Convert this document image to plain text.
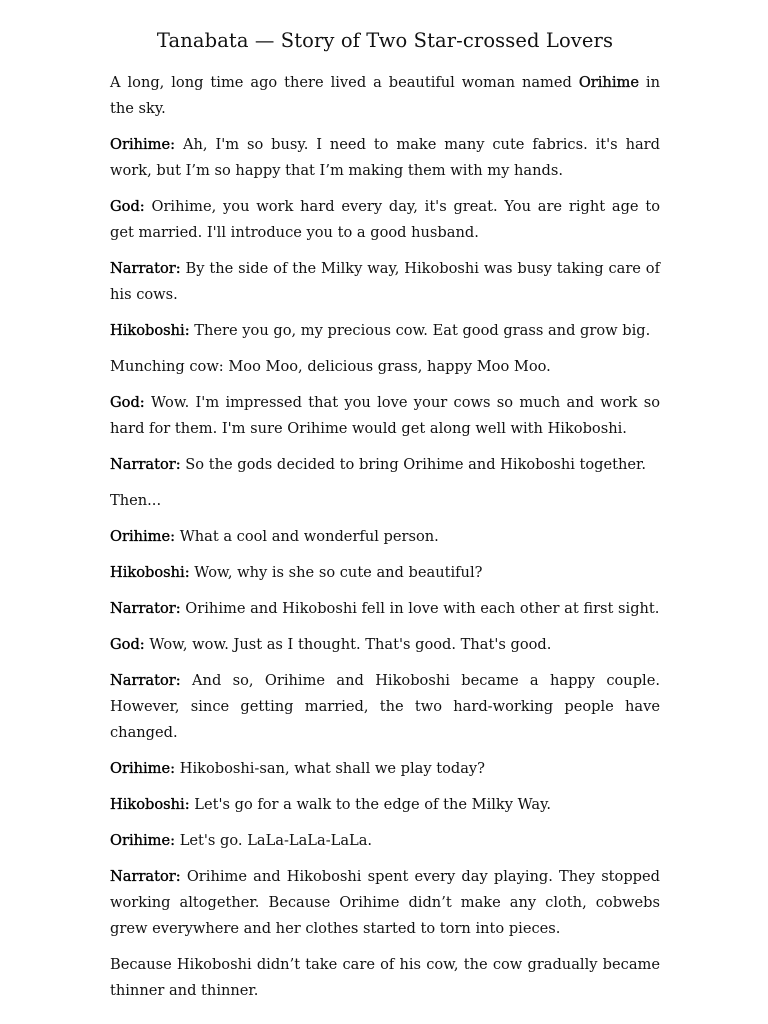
Tanabata — Story of Two Star-crossed Lovers

A long, long time ago there lived a beautiful woman named Orihime in the sky.

Orihime: Ah, I'm so busy. I need to make many cute fabrics. it's hard work, but I’m so happy that I’m making them with my hands.

God: Orihime, you work hard every day, it's great. You are right age to get married. I'll introduce you to a good husband.

Narrator: By the side of the Milky way, Hikoboshi was busy taking care of his cows.

Hikoboshi: There you go, my precious cow. Eat good grass and grow big.

Munching cow: Moo Moo, delicious grass, happy Moo Moo.

God: Wow. I'm impressed that you love your cows so much and work so hard for them. I'm sure Orihime would get along well with Hikoboshi.

Narrator: So the gods decided to bring Orihime and Hikoboshi together.

Then...

Orihime: What a cool and wonderful person.

Hikoboshi: Wow, why is she so cute and beautiful?

Narrator: Orihime and Hikoboshi fell in love with each other at first sight.

God: Wow, wow. Just as I thought. That's good. That's good.

Narrator: And so, Orihime and Hikoboshi became a happy couple. However, since getting married, the two hard-working people have changed.

Orihime: Hikoboshi-san, what shall we play today?

Hikoboshi: Let's go for a walk to the edge of the Milky Way.

Orihime: Let's go. LaLa-LaLa-LaLa.

Narrator: Orihime and Hikoboshi spent every day playing. They stopped working altogether. Because Orihime didn’t make any cloth, cobwebs grew everywhere and her clothes started to torn into pieces.

Because Hikoboshi didn’t take care of his cow, the cow gradually became thinner and thinner.
